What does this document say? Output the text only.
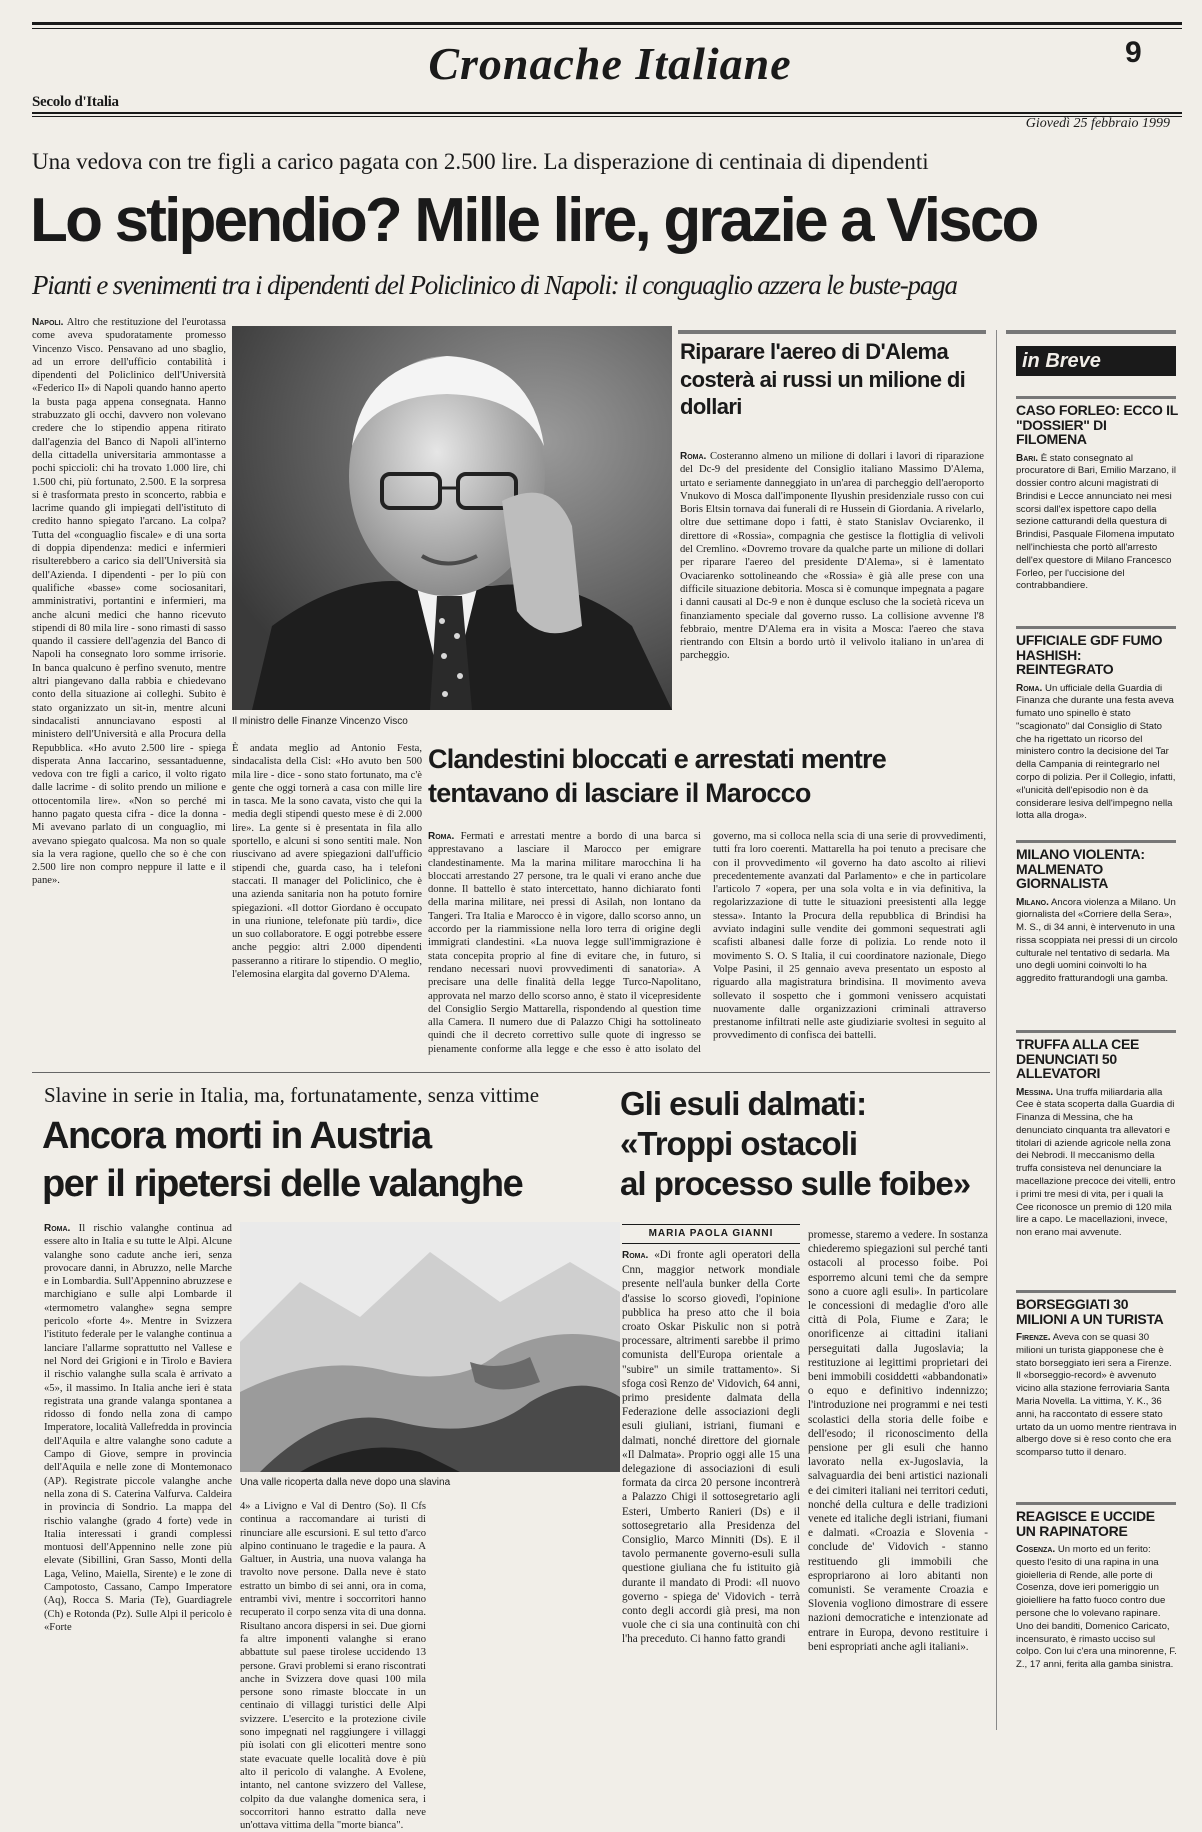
Cronache Italiane	9
Secolo d'Italia
Giovedì 25 febbraio 1999
Una vedova con tre figli a carico pagata con 2.500 lire. La disperazione di centinaia di dipendenti
Lo stipendio? Mille lire, grazie a Visco
Pianti e svenimenti tra i dipendenti del Policlinico di Napoli: il conguaglio azzera le buste-paga
Napoli. Altro che restituzione del l'eurotassa come aveva spudoratamente promesso Vincenzo Visco. Pensavano ad uno sbaglio, ad un errore dell'ufficio contabilità i dipendenti del Policlinico dell'Università «Federico II» di Napoli quando hanno aperto la busta paga appena consegnata. Hanno strabuzzato gli occhi, davvero non volevano credere che lo stipendio appena ritirato dall'agenzia del Banco di Napoli all'interno della cittadella universitaria ammontasse a pochi spiccioli: chi ha trovato 1.000 lire, chi 1.500 chi, più fortunato, 2.500. E la sorpresa si è trasformata presto in sconcerto, rabbia e lacrime quando gli impiegati dell'istituto di credito hanno spiegato l'arcano. La colpa? Tutta del «conguaglio fiscale» e di una sorta di doppia dipendenza: medici e infermieri risulterebbero a carico sia dell'Università sia dell'Azienda. I dipendenti - per lo più con qualifiche «basse» come sociosanitari, amministrativi, portantini e infermieri, ma anche alcuni medici che hanno ricevuto stipendi di 80 mila lire - sono rimasti di sasso quando il cassiere dell'agenzia del Banco di Napoli ha consegnato loro somme irrisorie. In banca qualcuno è perfino svenuto, mentre altri piangevano dalla rabbia e chiedevano conto della situazione ai colleghi. Subito è stato organizzato un sit-in, mentre alcuni sindacalisti annunciavano esposti al ministero dell'Università e alla Procura della Repubblica. «Ho avuto 2.500 lire - spiega disperata Anna Iaccarino, sessantaduenne, vedova con tre figli a carico, il volto rigato dalle lacrime - di solito prendo un milione e ottocentomila lire». «Non so perché mi hanno pagato questa cifra - dice la donna - Mi avevano parlato di un conguaglio, mi avevano spiegato qualcosa. Ma non so quale sia la vera ragione, quello che so è che con 2.500 lire non compro neppure il latte e il pane».
Il ministro delle Finanze Vincenzo Visco
È andata meglio ad Antonio Festa, sindacalista della Cisl: «Ho avuto ben 500 mila lire - dice - sono stato fortunato, ma c'è gente che oggi tornerà a casa con mille lire in tasca. Me la sono cavata, visto che qui la media degli stipendi questo mese è di 2.000 lire». La gente si è presentata in fila allo sportello, e alcuni si sono sentiti male. Non riuscivano ad avere spiegazioni dall'ufficio stipendi che, guarda caso, ha i telefoni staccati. Il manager del Policlinico, che è una azienda sanitaria non ha potuto fornire spiegazioni. «Il dottor Giordano è occupato in una riunione, telefonate più tardi», dice un suo collaboratore. E oggi potrebbe essere anche peggio: altri 2.000 dipendenti passeranno a ritirare lo stipendio. O meglio, l'elemosina elargita dal governo D'Alema.
Riparare l'aereo di D'Alema costerà ai russi un milione di dollari
Roma. Costeranno almeno un milione di dollari i lavori di riparazione del Dc-9 del presidente del Consiglio italiano Massimo D'Alema, urtato e seriamente danneggiato in un'area di parcheggio dell'aeroporto Vnukovo di Mosca dall'imponente Ilyushin presidenziale russo con cui Boris Eltsin tornava dai funerali di re Hussein di Giordania. A rivelarlo, oltre due settimane dopo i fatti, è stato Stanislav Ovciarenko, il direttore di «Rossia», compagnia che gestisce la flottiglia di velivoli del Cremlino. «Dovremo trovare da qualche parte un milione di dollari per riparare l'aereo del presidente D'Alema», si è lamentato Ovaciarenko sottolineando che «Rossia» è già alle prese con una difficile situazione debitoria. Mosca si è comunque impegnata a pagare i danni causati al Dc-9 e non è dunque escluso che la società riceva un finanziamento speciale dal governo russo. La collisione avvenne l'8 febbraio, mentre D'Alema era in visita a Mosca: l'aereo che stava rientrando con Eltsin a bordo urtò il velivolo italiano in un'area di parcheggio.
Clandestini bloccati e arrestati mentre tentavano di lasciare il Marocco
Roma. Fermati e arrestati mentre a bordo di una barca si apprestavano a lasciare il Marocco per emigrare clandestinamente. Ma la marina militare marocchina li ha bloccati arrestando 27 persone, tra le quali vi erano anche due donne. Il battello è stato intercettato, hanno dichiarato fonti della marina militare, nei pressi di Asilah, non lontano da Tangeri. Tra Italia e Marocco è in vigore, dallo scorso anno, un accordo per la riammissione nella loro terra di origine degli immigrati clandestini. «La nuova legge sull'immigrazione è stata concepita proprio al fine di evitare che, in futuro, si rendano necessari nuovi provvedimenti di sanatoria». A precisare una delle finalità della legge Turco-Napolitano, approvata nel marzo dello scorso anno, è stato il vicepresidente del Consiglio Sergio Mattarella, rispondendo al question time alla Camera. Il numero due di Palazzo Chigi ha sottolineato quindi che il decreto correttivo sulle quote di ingresso se pienamente conforme alla legge e che esso è atto isolato del governo, ma si colloca nella scia di una serie di provvedimenti, tutti fra loro coerenti. Mattarella ha poi tenuto a precisare che con il provvedimento «il governo ha dato ascolto ai rilievi precedentemente avanzati dal Parlamento» e che in particolare l'articolo 7 «opera, per una sola volta e in via definitiva, la regolarizzazione di tutte le situazioni preesistenti alla legge stessa». Intanto la Procura della repubblica di Brindisi ha avviato indagini sulle vendite dei gommoni sequestrati agli scafisti albanesi dalle forze di polizia. Lo rende noto il movimento S. O. S Italia, il cui coordinatore nazionale, Diego Volpe Pasini, il 25 gennaio aveva presentato un esposto al riguardo alla magistratura brindisina. Il movimento aveva sollevato il sospetto che i gommoni venissero acquistati nuovamente dalle organizzazioni criminali attraverso prestanome infiltrati nelle aste giudiziarie svoltesi in seguito al provvedimento di confisca dei battelli.
Slavine in serie in Italia, ma, fortunatamente, senza vittime
Ancora morti in Austria
per il ripetersi delle valanghe
Roma. Il rischio valanghe continua ad essere alto in Italia e su tutte le Alpi. Alcune valanghe sono cadute anche ieri, senza provocare danni, in Abruzzo, nelle Marche e in Lombardia. Sull'Appennino abruzzese e marchigiano e sulle alpi Lombarde il «termometro valanghe» segna sempre pericolo «forte 4». Mentre in Svizzera l'istituto federale per le valanghe continua a lanciare l'allarme soprattutto nel Vallese e nel Nord dei Grigioni e in Tirolo e Baviera il rischio valanghe sulla scala è arrivato a «5», il massimo. In Italia anche ieri è stata registrata una grande valanga spontanea a ridosso di fondo nella zona di campo Imperatore, località Vallefredda in provincia dell'Aquila e altre valanghe sono cadute a Campo di Giove, sempre in provincia dell'Aquila e nelle zone di Montemonaco (AP). Registrate piccole valanghe anche nella zona di S. Caterina Valfurva. Caldeira in provincia di Sondrio. La mappa del rischio valanghe (grado 4 forte) vede in Italia interessati i grandi complessi montuosi dell'Appennino nelle zone più elevate (Sibillini, Gran Sasso, Monti della Laga, Velino, Maiella, Sirente) e le zone di Campotosto, Cassano, Campo Imperatore (Aq), Rocca S. Maria (Te), Guardiagrele (Ch) e Rotonda (Pz). Sulle Alpi il pericolo è «Forte
Una valle ricoperta dalla neve dopo una slavina
4» a Livigno e Val di Dentro (So). Il Cfs continua a raccomandare ai turisti di rinunciare alle escursioni. E sul tetto d'arco alpino continuano le tragedie e la paura. A Galtuer, in Austria, una nuova valanga ha travolto nove persone. Dalla neve è stato estratto un bimbo di sei anni, ora in coma, entrambi vivi, mentre i soccorritori hanno recuperato il corpo senza vita di una donna. Risultano ancora dispersi in sei. Due giorni fa altre imponenti valanghe si erano abbattute sul paese tirolese uccidendo 13 persone. Gravi problemi si erano riscontrati anche in Svizzera dove quasi 100 mila persone sono rimaste bloccate in un centinaio di villaggi turistici delle Alpi svizzere. L'esercito e la protezione civile sono impegnati nel raggiungere i villaggi più isolati con gli elicotteri mentre sono state evacuate quelle località dove è più alto il pericolo di valanghe. A Evolene, intanto, nel cantone svizzero del Vallese, colpito da due valanghe domenica sera, i soccorritori hanno estratto dalla neve un'ottava vittima della "morte bianca".
Gli esuli dalmati:
«Troppi ostacoli
al processo sulle foibe»
MARIA PAOLA GIANNI
Roma. «Di fronte agli operatori della Cnn, maggior network mondiale presente nell'aula bunker della Corte d'assise lo scorso giovedì, l'opinione pubblica ha preso atto che il boia croato Oskar Piskulic non si potrà processare, altrimenti sarebbe il primo comunista dell'Europa orientale a "subire" un simile trattamento». Si sfoga così Renzo de' Vidovich, 64 anni, primo presidente dalmata della Federazione delle associazioni degli esuli giuliani, istriani, fiumani e dalmati, nonché direttore del giornale «Il Dalmata». Proprio oggi alle 15 una delegazione di associazioni di esuli formata da circa 20 persone incontrerà a Palazzo Chigi il sottosegretario agli Esteri, Umberto Ranieri (Ds) e il sottosegretario alla Presidenza del Consiglio, Marco Minniti (Ds). E il tavolo permanente governo-esuli sulla questione giuliana che fu istituito già durante il mandato di Prodi: «Il nuovo governo - spiega de' Vidovich - terrà conto degli accordi già presi, ma non vuole che ci sia una continuità con chi l'ha preceduto. Ci hanno fatto grandi
promesse, staremo a vedere. In sostanza chiederemo spiegazioni sul perché tanti ostacoli al processo foibe. Poi esporremo alcuni temi che da sempre sono a cuore agli esuli». In particolare le concessioni di medaglie d'oro alle città di Pola, Fiume e Zara; le onorificenze ai cittadini italiani perseguitati dalla Jugoslavia; la restituzione ai legittimi proprietari dei beni immobili cosiddetti «abbandonati» o equo e definitivo indennizzo; l'introduzione nei programmi e nei testi scolastici della storia delle foibe e dell'esodo; il riconoscimento della pensione per gli esuli che hanno lavorato nella ex-Jugoslavia, la salvaguardia dei beni artistici nazionali e dei cimiteri italiani nei territori ceduti, nonché della cultura e delle tradizioni venete ed italiche degli istriani, fiumani e dalmati. «Croazia e Slovenia - conclude de' Vidovich - stanno restituendo gli immobili che espropriarono ai loro abitanti non comunisti. Se veramente Croazia e Slovenia vogliono dimostrare di essere nazioni democratiche e intenzionate ad entrare in Europa, devono restituire i beni espropriati anche agli italiani».
in Breve
CASO FORLEO: ECCO IL "DOSSIER" DI FILOMENA
Bari. È stato consegnato al procuratore di Bari, Emilio Marzano, il dossier contro alcuni magistrati di Brindisi e Lecce annunciato nei mesi scorsi dall'ex ispettore capo della sezione catturandi della questura di Brindisi, Pasquale Filomena imputato nell'inchiesta che portò all'arresto dell'ex questore di Milano Francesco Forleo, per l'uccisione del contrabbandiere.
UFFICIALE GDF FUMO HASHISH: REINTEGRATO
Roma. Un ufficiale della Guardia di Finanza che durante una festa aveva fumato uno spinello è stato "scagionato" dal Consiglio di Stato che ha rigettato un ricorso del ministero contro la decisione del Tar della Campania di reintegrarlo nel corpo di polizia. Per il Collegio, infatti, «l'unicità dell'episodio non è da considerare lesiva dell'impegno nella lotta alla droga».
MILANO VIOLENTA: MALMENATO GIORNALISTA
Milano. Ancora violenza a Milano. Un giornalista del «Corriere della Sera», M. S., di 34 anni, è intervenuto in una rissa scoppiata nei pressi di un circolo culturale nel tentativo di sedarla. Ma uno degli uomini coinvolti lo ha aggredito fratturandogli una gamba.
TRUFFA ALLA CEE DENUNCIATI 50 ALLEVATORI
Messina. Una truffa miliardaria alla Cee è stata scoperta dalla Guardia di Finanza di Messina, che ha denunciato cinquanta tra allevatori e titolari di aziende agricole nella zona dei Nebrodi. Il meccanismo della truffa consisteva nel denunciare la macellazione precoce dei vitelli, entro i primi tre mesi di vita, per i quali la Cee riconosce un premio di 120 mila lire a capo. Le macellazioni, invece, non erano mai avvenute.
BORSEGGIATI 30 MILIONI A UN TURISTA
Firenze. Aveva con se quasi 30 milioni un turista giapponese che è stato borseggiato ieri sera a Firenze. Il «borseggio-record» è avvenuto vicino alla stazione ferroviaria Santa Maria Novella. La vittima, Y. K., 36 anni, ha raccontato di essere stato urtato da un uomo mentre rientrava in albergo dove si è reso conto che era scomparso tutto il denaro.
REAGISCE E UCCIDE UN RAPINATORE
Cosenza. Un morto ed un ferito: questo l'esito di una rapina in una gioielleria di Rende, alle porte di Cosenza, dove ieri pomeriggio un gioielliere ha fatto fuoco contro due persone che lo volevano rapinare. Uno dei banditi, Domenico Caricato, incensurato, è rimasto ucciso sul colpo. Con lui c'era una minorenne, F. Z., 17 anni, ferita alla gamba sinistra.
